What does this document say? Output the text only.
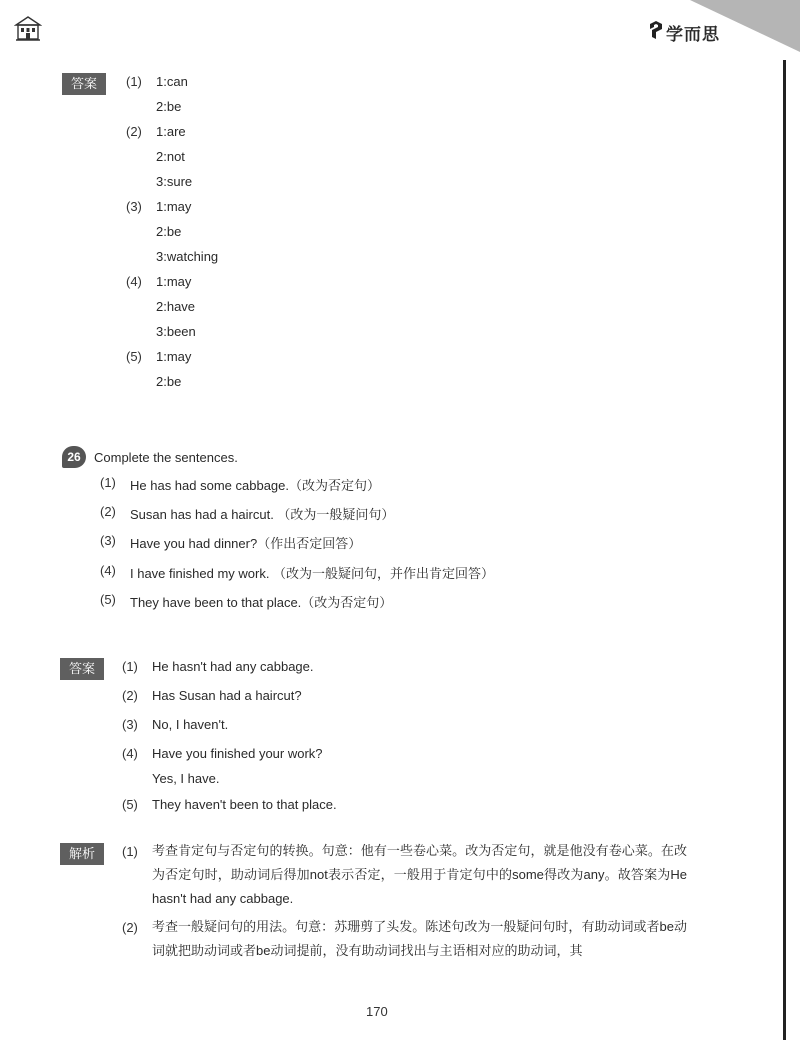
学而思
答案	(1) 1:can
2:be
(2) 1:are
2:not
3:sure
(3) 1:may
2:be
3:watching
(4) 1:may
2:have
3:been
(5) 1:may
2:be
26	Complete the sentences.
(1) He has had some cabbage.（改为否定句）
(2) Susan has had a haircut. （改为一般疑问句）
(3) Have you had dinner?（作出否定回答）
(4) I have finished my work. （改为一般疑问句，并作出肯定回答）
(5) They have been to that place.（改为否定句）
答案	(1) He hasn't had any cabbage.
(2) Has Susan had a haircut?
(3) No, I haven't.
(4) Have you finished your work?
Yes, I have.
(5) They haven't been to that place.
解析	(1) 考查肯定句与否定句的转换。句意：他有一些卷心菜。改为否定句，就是他没有卷心菜。在改为否定句时，助动词后得加not表示否定，一般用于肯定句中的some得改为any。故答案为He hasn't had any cabbage.
(2) 考查一般疑问句的用法。句意：苏珊剪了头发。陈述句改为一般疑问句时，有助动词或者be动词就把助动词或者be动词提前，没有助动词找出与主语相对应的助动词，其
170
